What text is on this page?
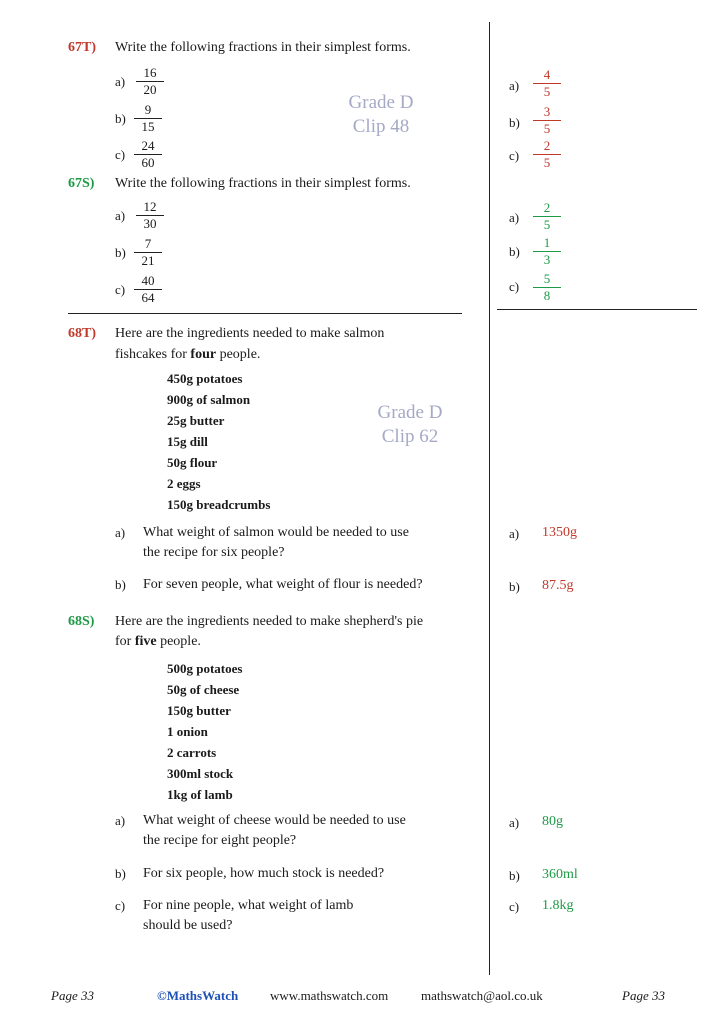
67T) Write the following fractions in their simplest forms.
a)
16
20
b)
9
15
c)
24
60
Grade D
Clip 48
a)
4
5
b)
3
5
c)
2
5
67S) Write the following fractions in their simplest forms.
a)
12
30
b)
7
21
c)
40
64
a)
2
5
b)
1
3
c)
5
8
68T) Here are the ingredients needed to make salmon
fishcakes for four people.
450g potatoes
900g of salmon
25g butter
15g dill
50g flour
2 eggs
150g breadcrumbs
Grade D
Clip 62
a) What weight of salmon would be needed to use
the recipe for six people?
b) For seven people, what weight of flour is needed?
a) 1350g
b) 87.5g
68S) Here are the ingredients needed to make shepherd's pie
for five people.
500g potatoes
50g of cheese
150g butter
1 onion
2 carrots
300ml stock
1kg of lamb
a) What weight of cheese would be needed to use
the recipe for eight people?
b) For six people, how much stock is needed?
c) For nine people, what weight of lamb
should be used?
a) 80g
b) 360ml
c) 1.8kg
Page 33	©MathsWatch www.mathswatch.com	mathswatch@aol.co.uk	Page 33
